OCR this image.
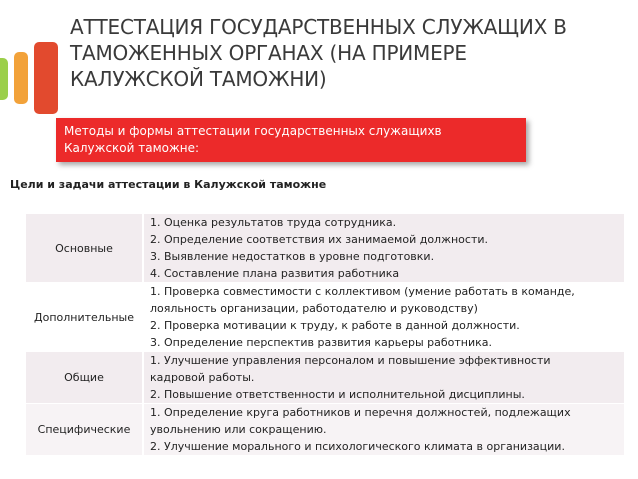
АТТЕСТАЦИЯ ГОСУДАРСТВЕННЫХ СЛУЖАЩИХ В
ТАМОЖЕННЫХ ОРГАНАХ (НА ПРИМЕРЕ
КАЛУЖСКОЙ ТАМОЖНИ)
Методы и формы аттестации государственных служащихв
Калужской таможне:
Цели и задачи аттестации в Калужской таможне
Основные	1. Оценка результатов труда сотрудника.
2. Определение соответствия их занимаемой должности.
3. Выявление недостатков в уровне подготовки.
4. Составление плана развития работника

Дополнительные	1. Проверка совместимости с коллективом (умение работать в команде,
лояльность организации, работодателю и руководству)
2. Проверка мотивации к труду, к работе в данной должности.
3. Определение перспектив развития карьеры работника.

Общие	1. Улучшение управления персоналом и повышение эффективности
кадровой работы.
2. Повышение ответственности и исполнительной дисциплины.

Специфические	1. Определение круга работников и перечня должностей, подлежащих
увольнению или сокращению.
2. Улучшение морального и психологического климата в организации.
